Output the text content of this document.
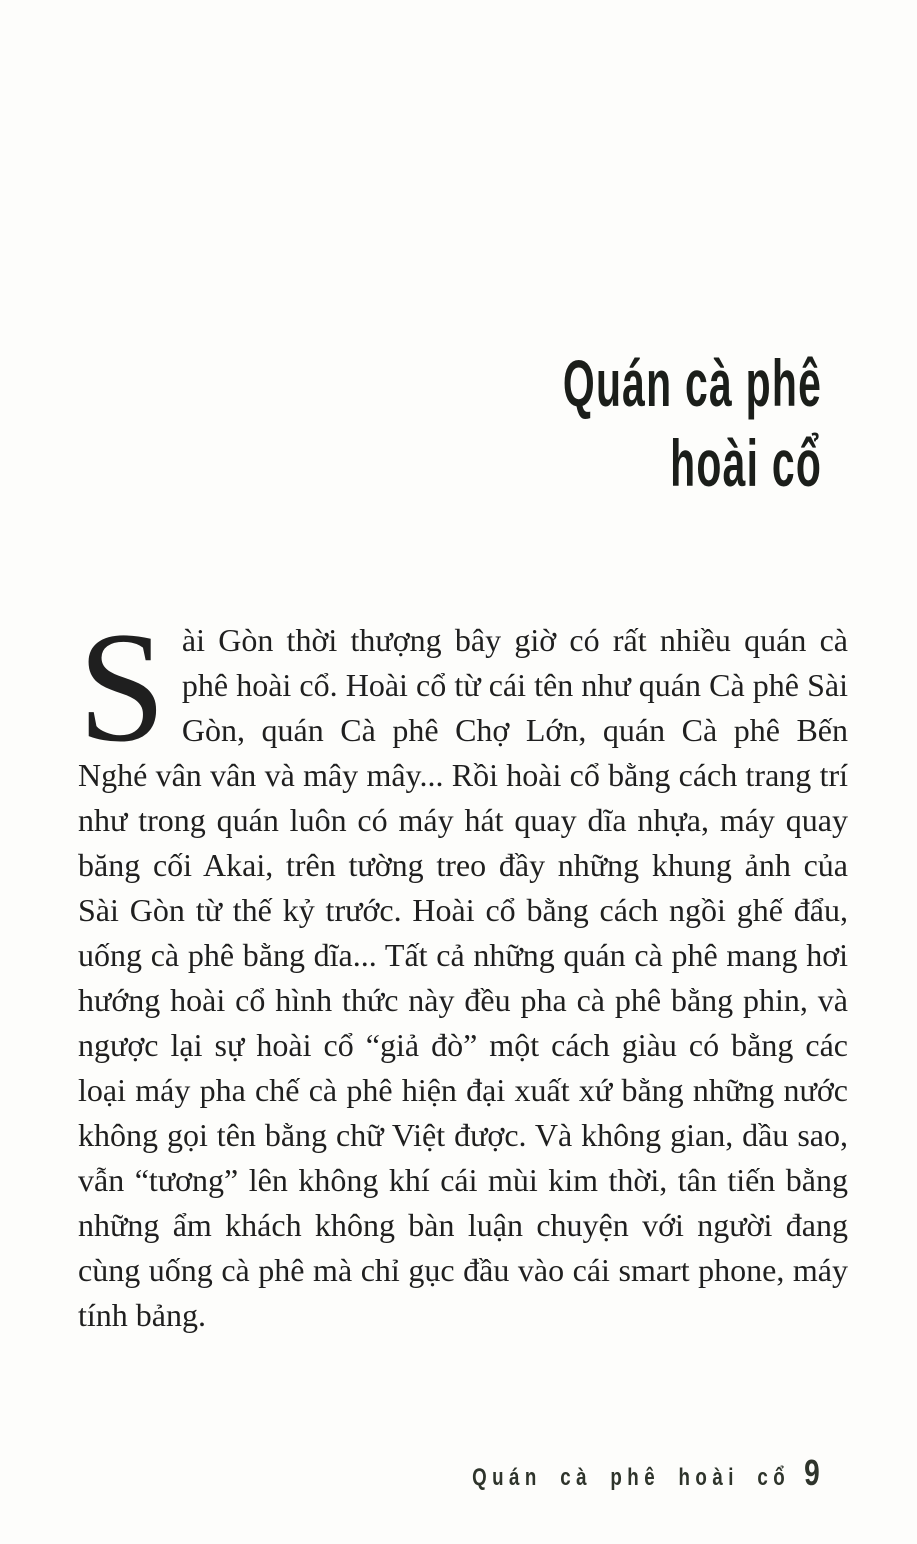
Quán cà phê
hoài cổ

Sài Gòn thời thượng bây giờ có rất nhiều quán cà phê hoài cổ. Hoài cổ từ cái tên như quán Cà phê Sài Gòn, quán Cà phê Chợ Lớn, quán Cà phê Bến Nghé vân vân và mây mây... Rồi hoài cổ bằng cách trang trí như trong quán luôn có máy hát quay dĩa nhựa, máy quay băng cối Akai, trên tường treo đầy những khung ảnh của Sài Gòn từ thế kỷ trước. Hoài cổ bằng cách ngồi ghế đẩu, uống cà phê bằng dĩa... Tất cả những quán cà phê mang hơi hướng hoài cổ hình thức này đều pha cà phê bằng phin, và ngược lại sự hoài cổ “giả đò” một cách giàu có bằng các loại máy pha chế cà phê hiện đại xuất xứ bằng những nước không gọi tên bằng chữ Việt được. Và không gian, dầu sao, vẫn “tương” lên không khí cái mùi kim thời, tân tiến bằng những ẩm khách không bàn luận chuyện với người đang cùng uống cà phê mà chỉ gục đầu vào cái smart phone, máy tính bảng.

Quán cà phê hoài cổ 9
